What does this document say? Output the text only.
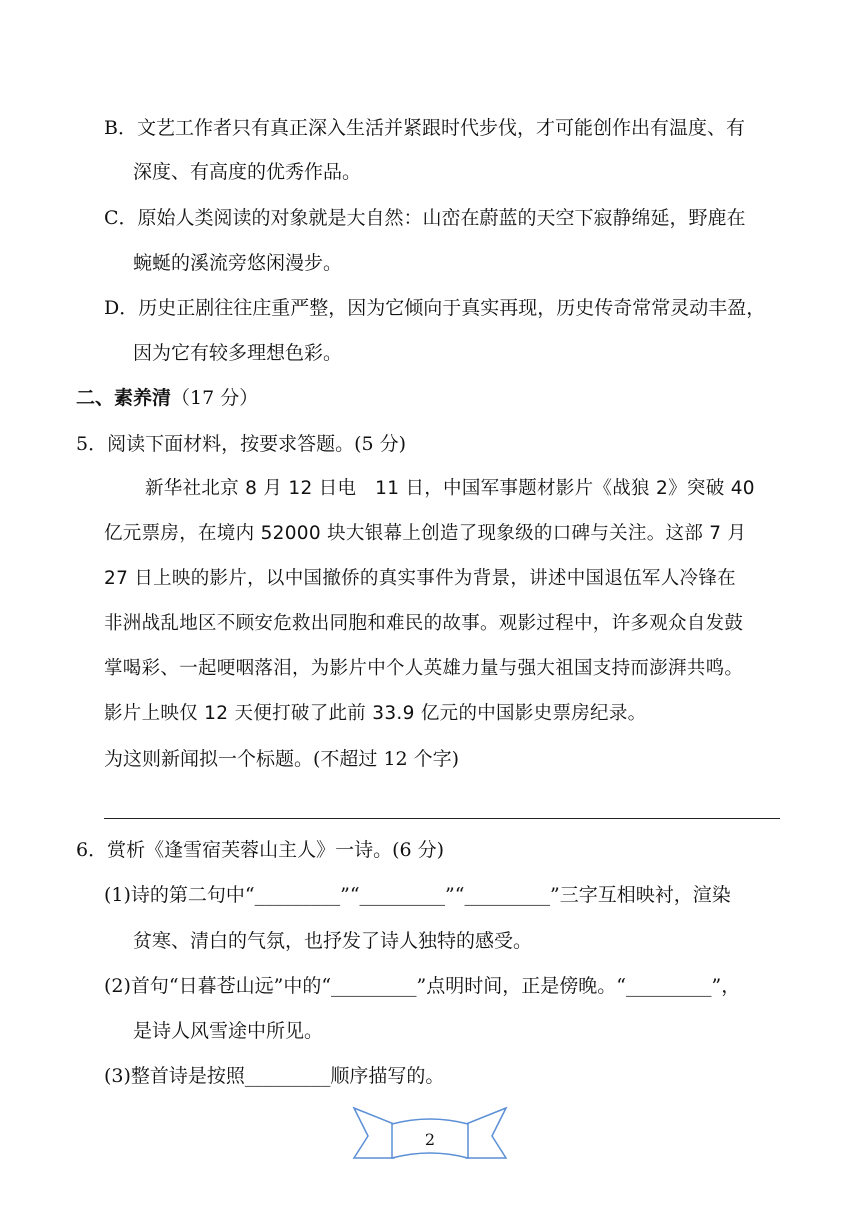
B．文艺工作者只有真正深入生活并紧跟时代步伐，才可能创作出有温度、有
深度、有高度的优秀作品。
C．原始人类阅读的对象就是大自然：山峦在蔚蓝的天空下寂静绵延，野鹿在
蜿蜒的溪流旁悠闲漫步。
D．历史正剧往往庄重严整，因为它倾向于真实再现，历史传奇常常灵动丰盈，
因为它有较多理想色彩。
二、素养清（17 分）
5．阅读下面材料，按要求答题。(5 分)
新华社北京 8 月 12 日电　11 日，中国军事题材影片《战狼 2》突破 40
亿元票房，在境内 52000 块大银幕上创造了现象级的口碑与关注。这部 7 月
27 日上映的影片，以中国撤侨的真实事件为背景，讲述中国退伍军人冷锋在
非洲战乱地区不顾安危救出同胞和难民的故事。观影过程中，许多观众自发鼓
掌喝彩、一起哽咽落泪，为影片中个人英雄力量与强大祖国支持而澎湃共鸣。
影片上映仅 12 天便打破了此前 33.9 亿元的中国影史票房纪录。
为这则新闻拟一个标题。(不超过 12 个字)
6．赏析《逢雪宿芙蓉山主人》一诗。(6 分)
(1)诗的第二句中“_________”“_________”“_________”三字互相映衬，渲染
贫寒、清白的气氛，也抒发了诗人独特的感受。
(2)首句“日暮苍山远”中的“_________”点明时间，正是傍晚。“_________”，
是诗人风雪途中所见。
(3)整首诗是按照_________顺序描写的。
2
